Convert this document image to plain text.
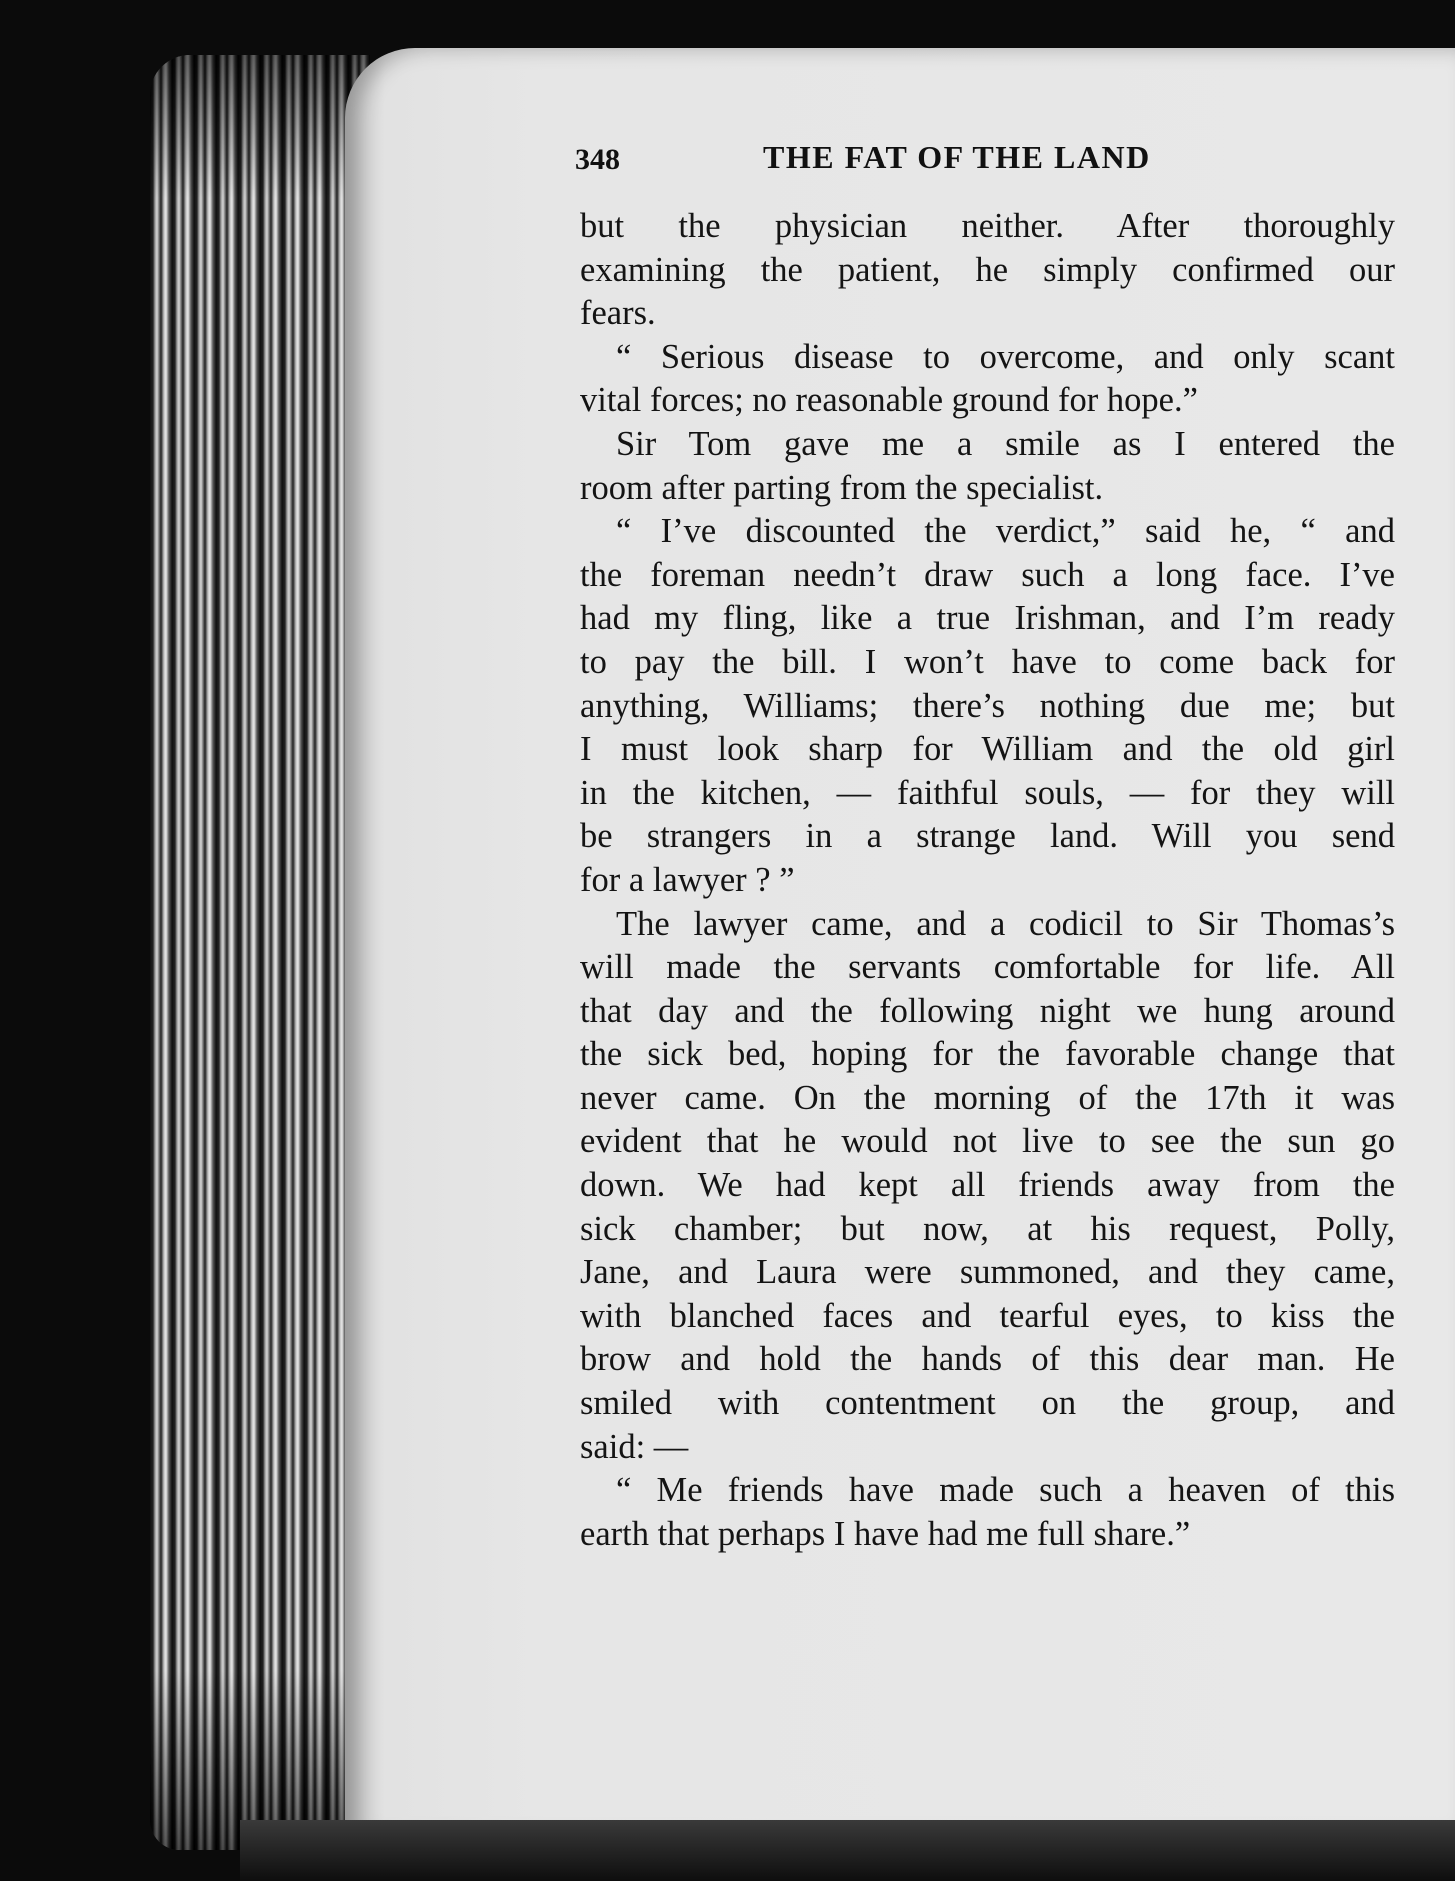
348	THE FAT OF THE LAND

but the physician neither. After thoroughly
examining the patient, he simply confirmed our
fears.

“ Serious disease to overcome, and only scant
vital forces; no reasonable ground for hope.”

Sir Tom gave me a smile as I entered the
room after parting from the specialist.

“ I’ve discounted the verdict,” said he, “ and
the foreman needn’t draw such a long face. I’ve
had my fling, like a true Irishman, and I’m ready
to pay the bill. I won’t have to come back for
anything, Williams; there’s nothing due me; but
I must look sharp for William and the old girl
in the kitchen, — faithful souls, — for they will
be strangers in a strange land. Will you send
for a lawyer ? ”

The lawyer came, and a codicil to Sir Thomas’s
will made the servants comfortable for life. All
that day and the following night we hung around
the sick bed, hoping for the favorable change that
never came. On the morning of the 17th it was
evident that he would not live to see the sun go
down. We had kept all friends away from the
sick chamber; but now, at his request, Polly,
Jane, and Laura were summoned, and they came,
with blanched faces and tearful eyes, to kiss the
brow and hold the hands of this dear man. He
smiled with contentment on the group, and
said: —

“ Me friends have made such a heaven of this
earth that perhaps I have had me full share.”
